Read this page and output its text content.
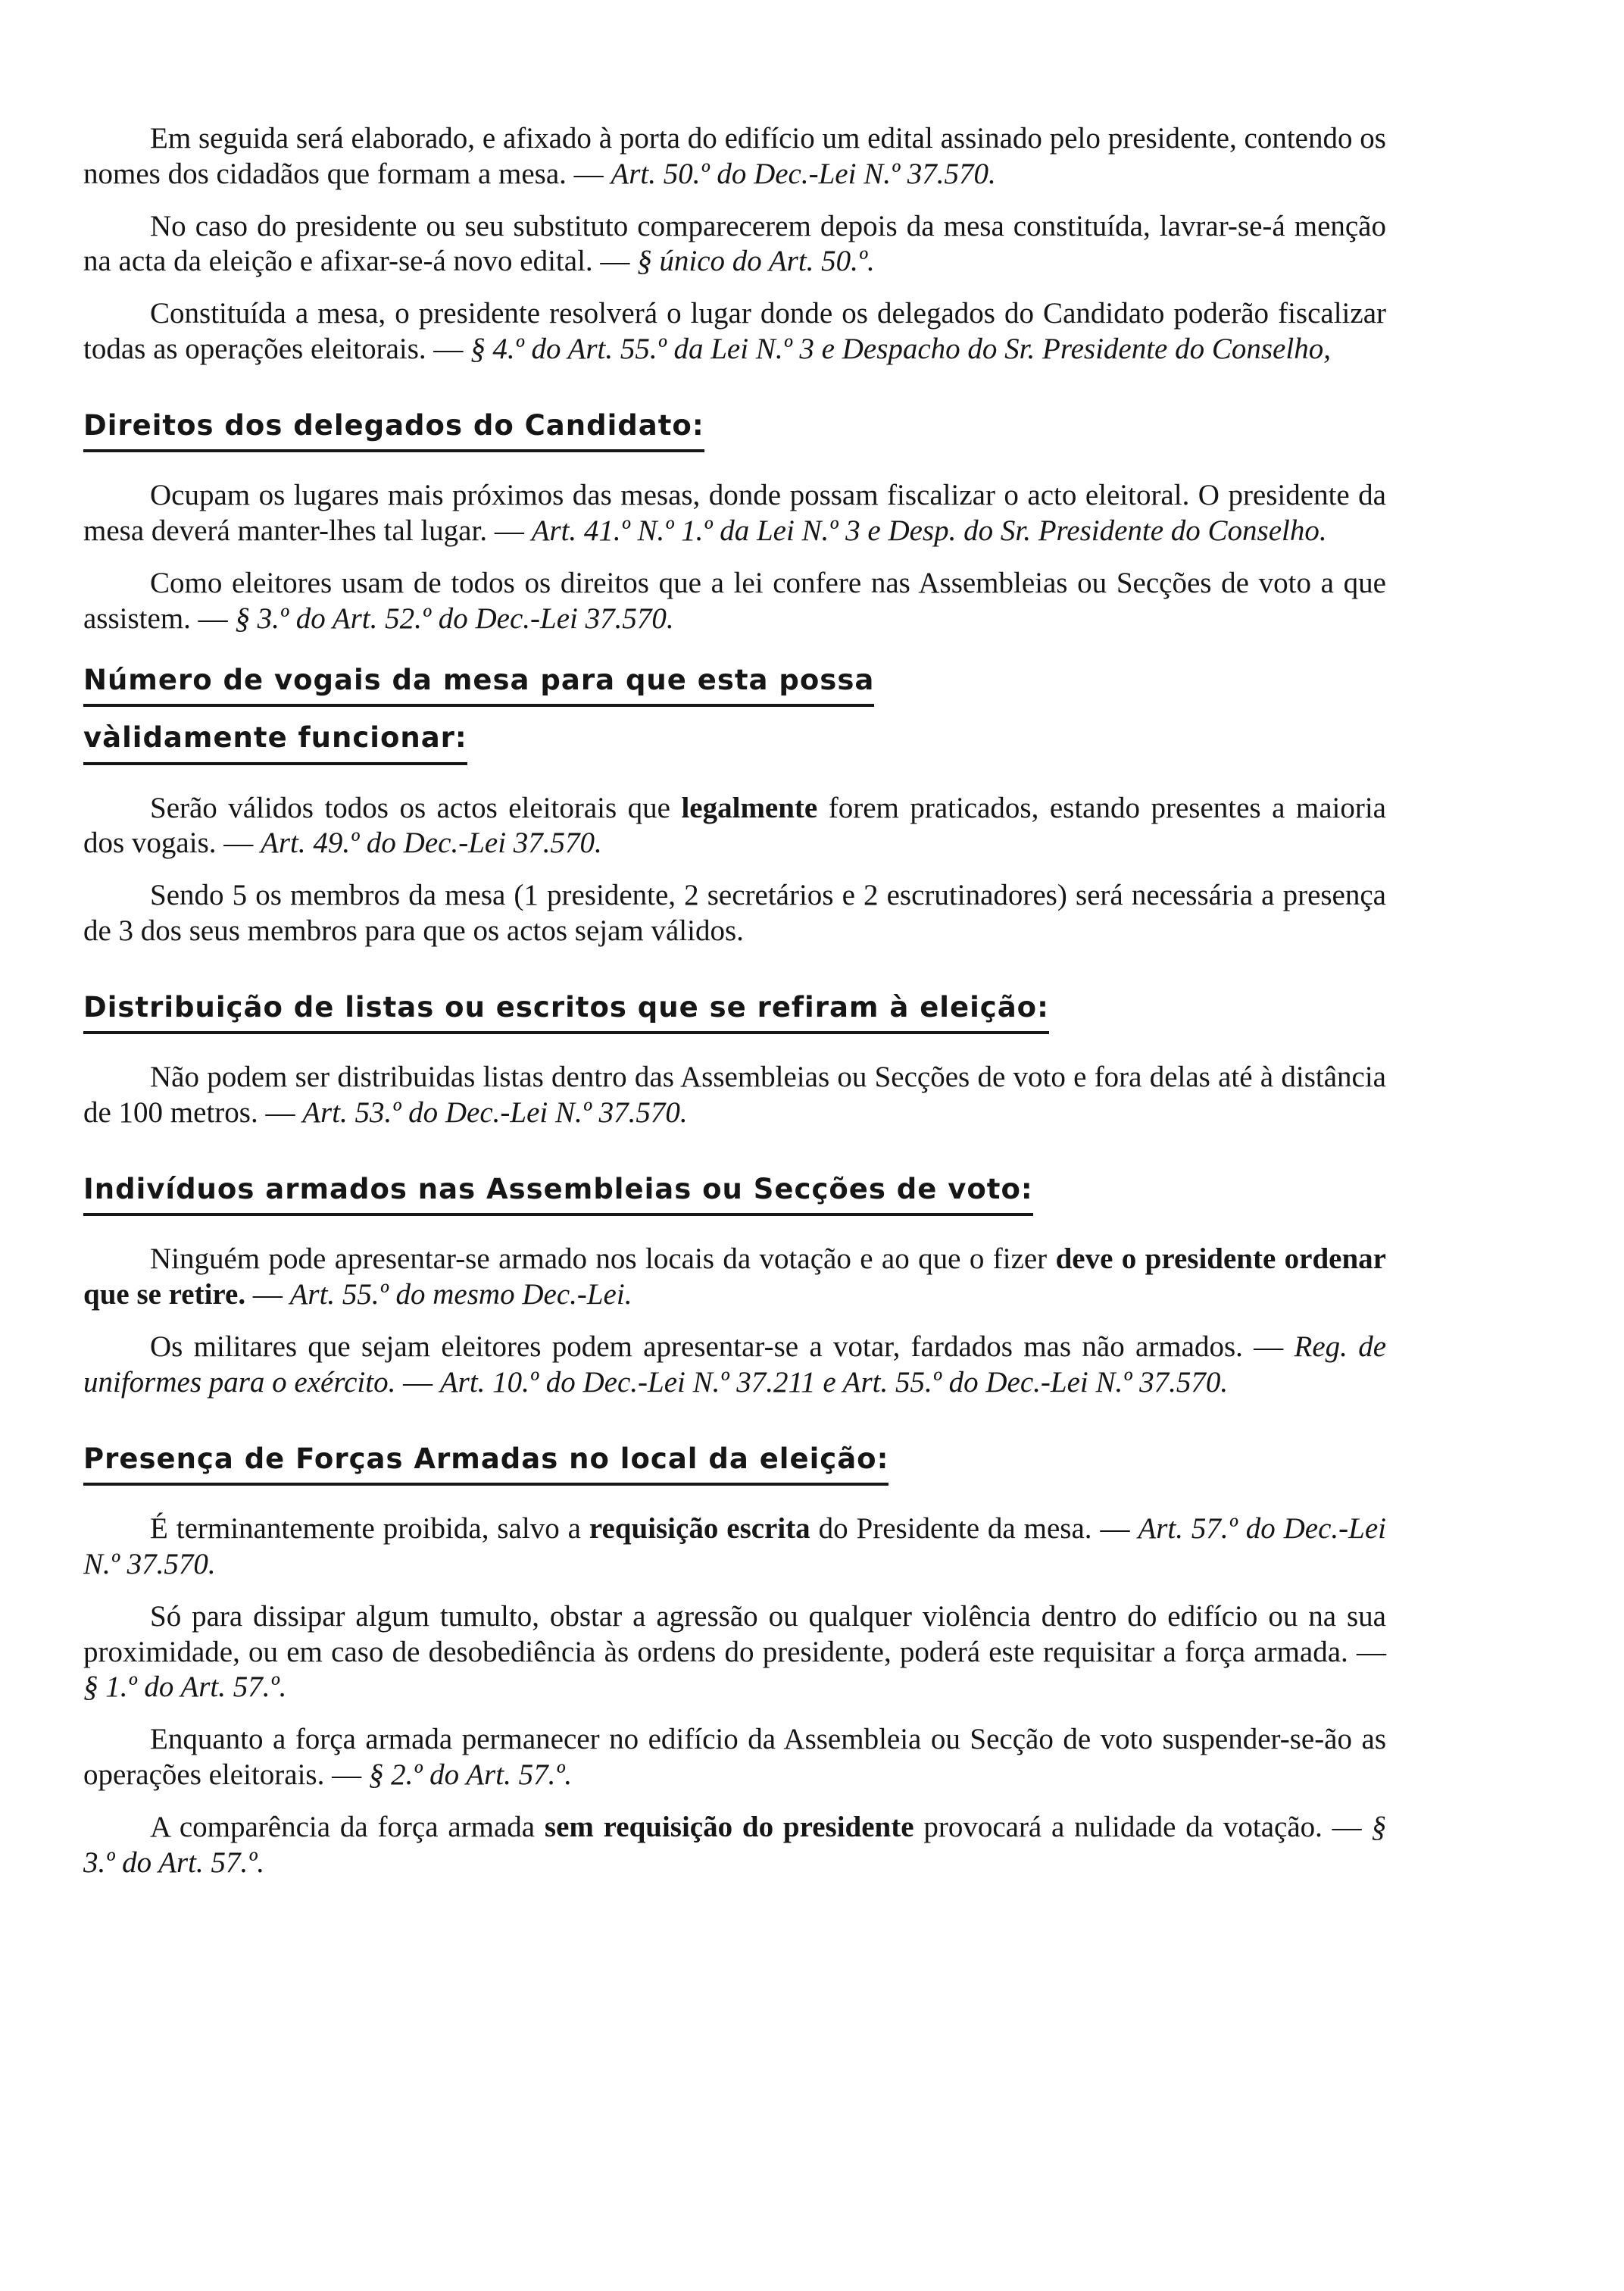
Em seguida será elaborado, e afixado à porta do edifício um edital assinado pelo presidente, contendo os nomes dos cidadãos que formam a mesa. — Art. 50.º do Dec.-Lei N.º 37.570.

No caso do presidente ou seu substituto comparecerem depois da mesa constituída, lavrar-se-á menção na acta da eleição e afixar-se-á novo edital. — § único do Art. 50.º.

Constituída a mesa, o presidente resolverá o lugar donde os delegados do Candidato poderão fiscalizar todas as operações eleitorais. — § 4.º do Art. 55.º da Lei N.º 3 e Despacho do Sr. Presidente do Conselho,

Direitos dos delegados do Candidato:

Ocupam os lugares mais próximos das mesas, donde possam fiscalizar o acto eleitoral. O presidente da mesa deverá manter-lhes tal lugar. — Art. 41.º N.º 1.º da Lei N.º 3 e Desp. do Sr. Presidente do Conselho.

Como eleitores usam de todos os direitos que a lei confere nas Assembleias ou Secções de voto a que assistem. — § 3.º do Art. 52.º do Dec.-Lei 37.570.

Número de vogais da mesa para que esta possa
vàlidamente funcionar:

Serão válidos todos os actos eleitorais que legalmente forem praticados, estando presentes a maioria dos vogais. — Art. 49.º do Dec.-Lei 37.570.

Sendo 5 os membros da mesa (1 presidente, 2 secretários e 2 escrutinadores) será necessária a presença de 3 dos seus membros para que os actos sejam válidos.

Distribuição de listas ou escritos que se refiram à eleição:

Não podem ser distribuidas listas dentro das Assembleias ou Secções de voto e fora delas até à distância de 100 metros. — Art. 53.º do Dec.-Lei N.º 37.570.

Indivíduos armados nas Assembleias ou Secções de voto:

Ninguém pode apresentar-se armado nos locais da votação e ao que o fizer deve o presidente ordenar que se retire. — Art. 55.º do mesmo Dec.-Lei.

Os militares que sejam eleitores podem apresentar-se a votar, fardados mas não armados. — Reg. de uniformes para o exército. — Art. 10.º do Dec.-Lei N.º 37.211 e Art. 55.º do Dec.-Lei N.º 37.570.

Presença de Forças Armadas no local da eleição:

É terminantemente proibida, salvo a requisição escrita do Presidente da mesa. — Art. 57.º do Dec.-Lei N.º 37.570.

Só para dissipar algum tumulto, obstar a agressão ou qualquer violência dentro do edifício ou na sua proximidade, ou em caso de desobediência às ordens do presidente, poderá este requisitar a força armada. — § 1.º do Art. 57.º.

Enquanto a força armada permanecer no edifício da Assembleia ou Secção de voto suspender-se-ão as operações eleitorais. — § 2.º do Art. 57.º.

A comparência da força armada sem requisição do presidente provocará a nulidade da votação. — § 3.º do Art. 57.º.
